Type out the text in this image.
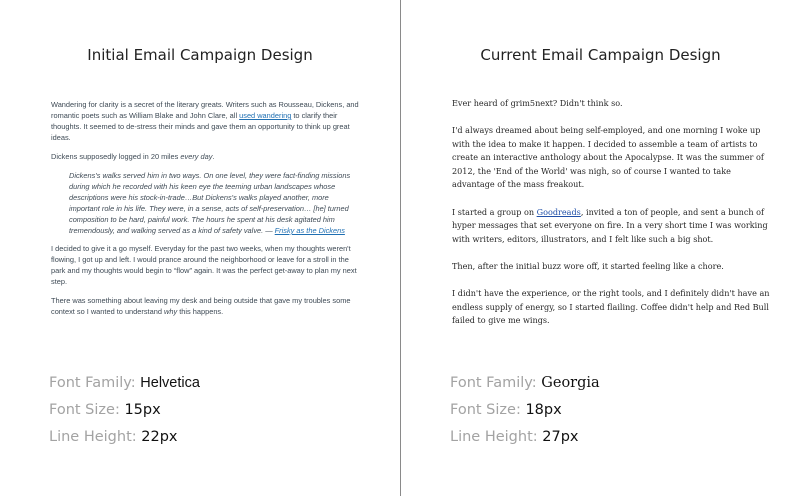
Initial Email Campaign Design

Wandering for clarity is a secret of the literary greats. Writers such as Rousseau, Dickens, and romantic poets such as William Blake and John Clare, all used wandering to clarify their thoughts. It seemed to de-stress their minds and gave them an opportunity to think up great ideas.

Dickens supposedly logged in 20 miles every day.

Dickens's walks served him in two ways. On one level, they were fact-finding missions during which he recorded with his keen eye the teeming urban landscapes whose descriptions were his stock-in-trade…But Dickens's walks played another, more important role in his life. They were, in a sense, acts of self-preservation… [he] turned composition to be hard, painful work. The hours he spent at his desk agitated him tremendously, and walking served as a kind of safety valve. — Frisky as the Dickens

I decided to give it a go myself. Everyday for the past two weeks, when my thoughts weren't flowing, I got up and left. I would prance around the neighborhood or leave for a stroll in the park and my thoughts would begin to “flow” again. It was the perfect get-away to plan my next step.

There was something about leaving my desk and being outside that gave my troubles some context so I wanted to understand why this happens.

Font Family: Helvetica
Font Size: 15px
Line Height: 22px
Current Email Campaign Design

Ever heard of grim5next? Didn't think so.

I'd always dreamed about being self-employed, and one morning I woke up with the idea to make it happen. I decided to assemble a team of artists to create an interactive anthology about the Apocalypse. It was the summer of 2012, the 'End of the World' was nigh, so of course I wanted to take advantage of the mass freakout.

I started a group on Goodreads, invited a ton of people, and sent a bunch of hyper messages that set everyone on fire. In a very short time I was working with writers, editors, illustrators, and I felt like such a big shot.

Then, after the initial buzz wore off, it started feeling like a chore.

I didn't have the experience, or the right tools, and I definitely didn't have an endless supply of energy, so I started flailing. Coffee didn't help and Red Bull failed to give me wings.

Font Family: Georgia
Font Size: 18px
Line Height: 27px
